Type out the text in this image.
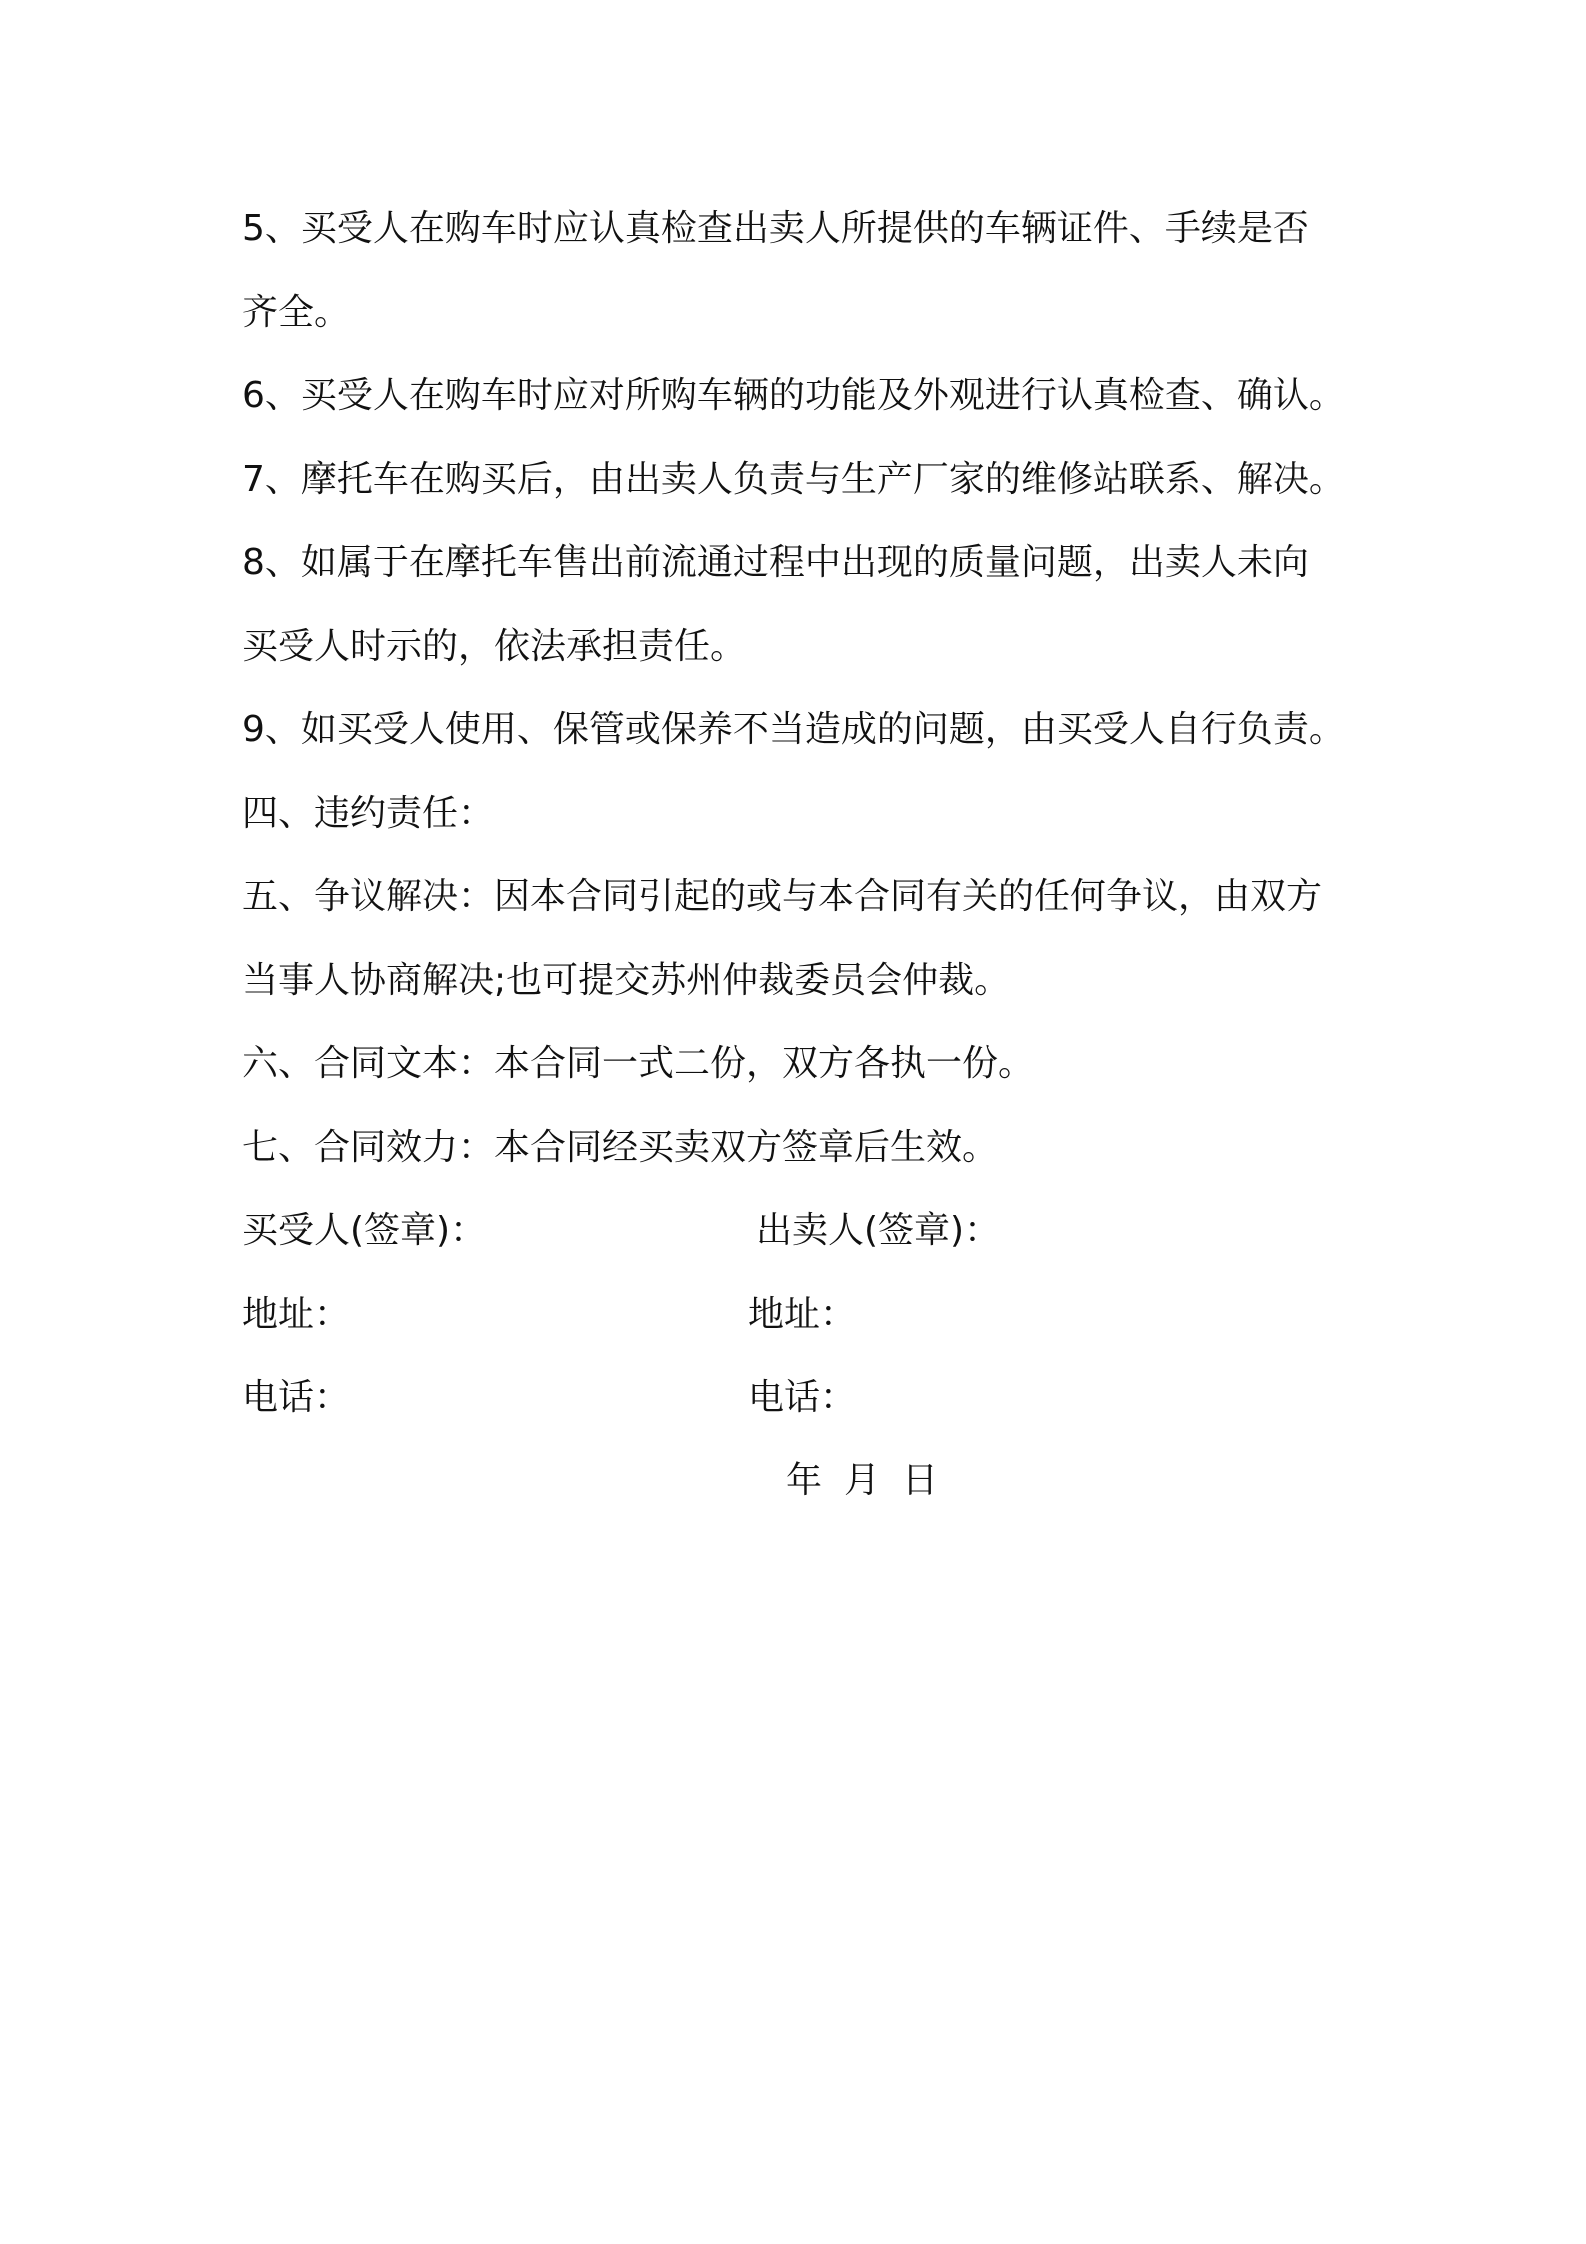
5、买受人在购车时应认真检查出卖人所提供的车辆证件、手续是否
齐全。
6、买受人在购车时应对所购车辆的功能及外观进行认真检查、确认。
7、摩托车在购买后，由出卖人负责与生产厂家的维修站联系、解决。
8、如属于在摩托车售出前流通过程中出现的质量问题，出卖人未向
买受人时示的，依法承担责任。
9、如买受人使用、保管或保养不当造成的问题，由买受人自行负责。
四、违约责任：
五、争议解决：因本合同引起的或与本合同有关的任何争议，由双方
当事人协商解决;也可提交苏州仲裁委员会仲裁。
六、合同文本：本合同一式二份，双方各执一份。
七、合同效力：本合同经买卖双方签章后生效。
买受人(签章)：	出卖人(签章)：
地址：	地址：
电话：	电话：
年 月 日
